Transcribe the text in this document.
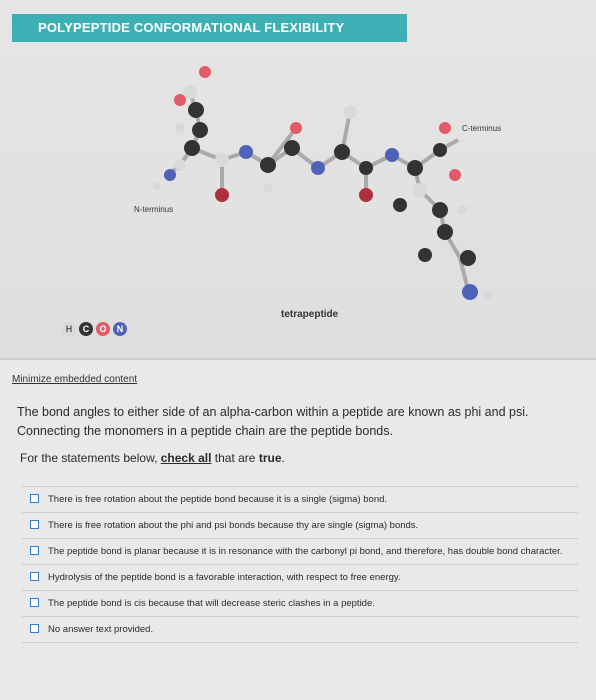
POLYPEPTIDE CONFORMATIONAL FLEXIBILITY
N-terminus
C-terminus
tetrapeptide
H	C	O	N
Minimize embedded content
The bond angles to either side of an alpha-carbon within a peptide are known as phi and psi. Connecting the monomers in a peptide chain are the peptide bonds.
For the statements below, check all that are true.
There is free rotation about the peptide bond because it is a single (sigma) bond.
There is free rotation about the phi and psi bonds because thy are single (sigma) bonds.
The peptide bond is planar because it is in resonance with the carbonyl pi bond, and therefore, has double bond character.
Hydrolysis of the peptide bond is a favorable interaction, with respect to free energy.
The peptide bond is cis because that will decrease steric clashes in a peptide.
No answer text provided.
